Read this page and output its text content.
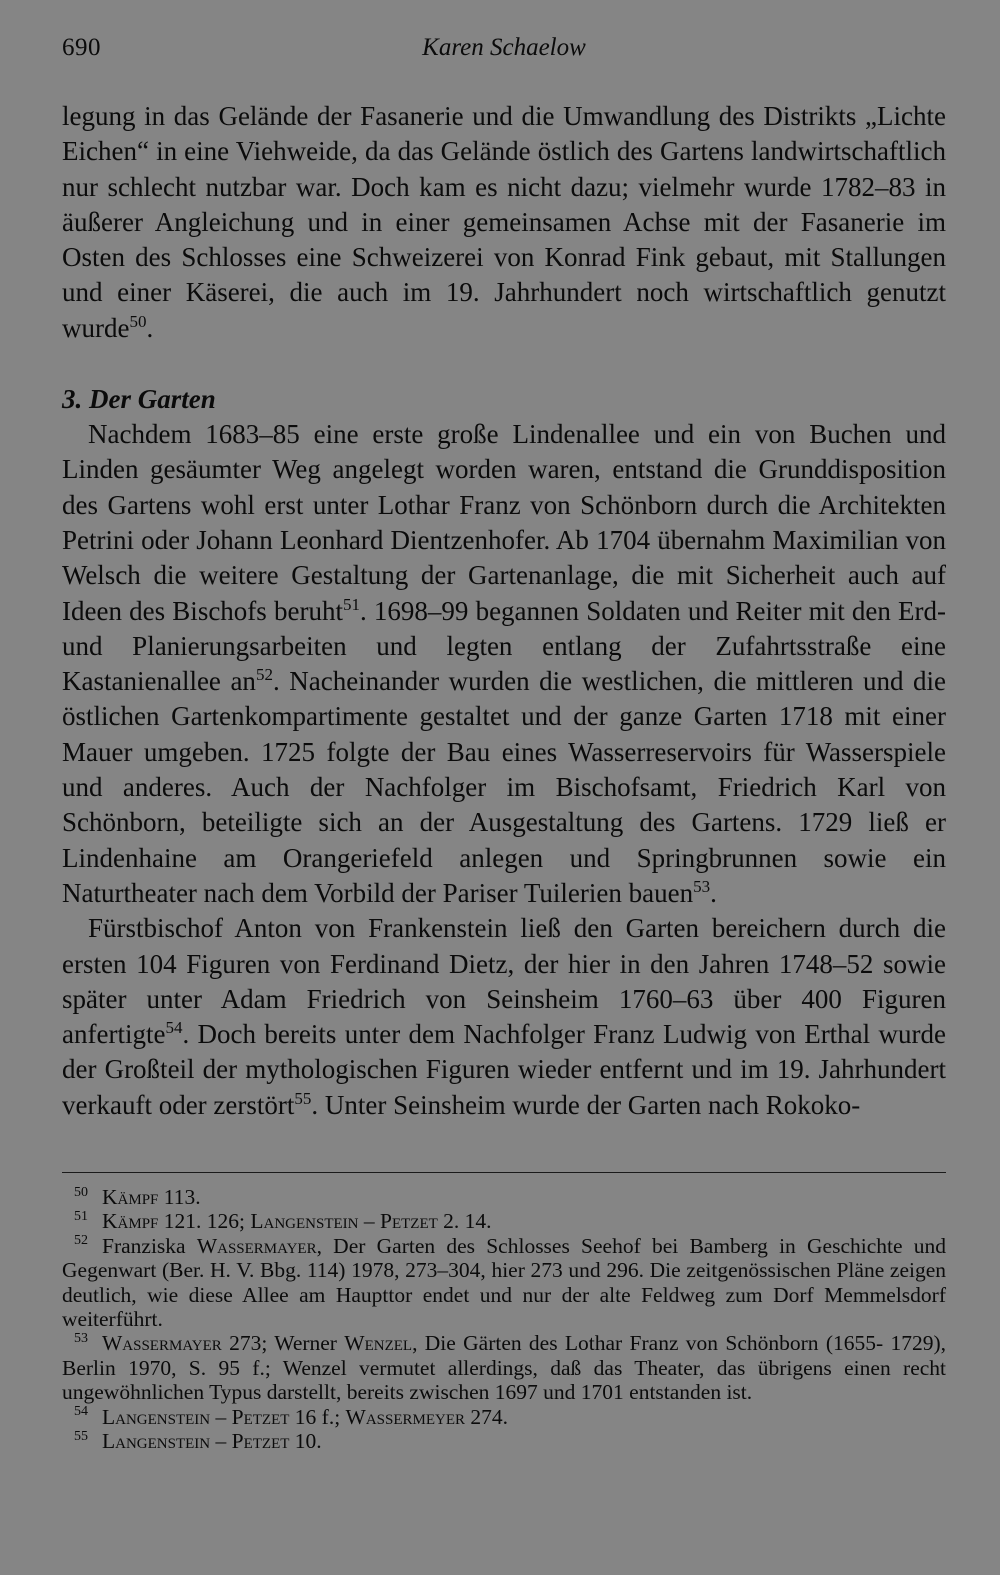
690	Karen Schaelow

legung in das Gelände der Fasanerie und die Umwandlung des Distrikts „Lichte Eichen“ in eine Viehweide, da das Gelände östlich des Gartens landwirtschaftlich nur schlecht nutzbar war. Doch kam es nicht dazu; vielmehr wurde 1782–83 in äußerer Angleichung und in einer gemeinsamen Achse mit der Fasanerie im Osten des Schlosses eine Schweizerei von Konrad Fink gebaut, mit Stallungen und einer Käserei, die auch im 19. Jahrhundert noch wirtschaftlich genutzt wurde$^{50}$.

3. Der Garten

Nachdem 1683–85 eine erste große Lindenallee und ein von Buchen und Linden gesäumter Weg angelegt worden waren, entstand die Grunddisposition des Gartens wohl erst unter Lothar Franz von Schönborn durch die Architekten Petrini oder Johann Leonhard Dientzenhofer. Ab 1704 übernahm Maximilian von Welsch die weitere Gestaltung der Gartenanlage, die mit Sicherheit auch auf Ideen des Bischofs beruht$^{51}$. 1698–99 begannen Soldaten und Reiter mit den Erd- und Planierungsarbeiten und legten entlang der Zufahrtsstraße eine Kastanienallee $an^{52}$. Nacheinander wurden die westlichen, die mittleren und die östlichen Gartenkompartimente gestaltet und der ganze Garten 1718 mit einer Mauer umgeben. 1725 folgte der Bau eines Wasserreservoirs für Wasserspiele und anderes. Auch der Nachfolger im Bischofsamt, Friedrich Karl von Schönborn, beteiligte sich an der Ausgestaltung des Gartens. 1729 ließ er Lindenhaine am Orangeriefeld anlegen und Springbrunnen sowie ein Naturtheater nach dem Vorbild der Pariser Tuilerien bauen$^{53}$.

Fürstbischof Anton von Frankenstein ließ den Garten bereichern durch die ersten 104 Figuren von Ferdinand Dietz, der hier in den Jahren 1748–52 sowie später unter Adam Friedrich von Seinsheim 1760–63 über 400 Figuren anfertigte$^{54}$. Doch bereits unter dem Nachfolger Franz Ludwig von Erthal wurde der Großteil der mythologischen Figuren wieder entfernt und im 19. Jahrhundert verkauft oder zerstört$^{55}$. Unter Seinsheim wurde der Garten nach Rokoko-

50 Kämpf 113.

51 Kämpf 121. 126; Langenstein – Petzet 2. 14.

52 Franziska Wassermayer, Der Garten des Schlosses Seehof bei Bamberg in Geschichte und Gegenwart (Ber. H. V. Bbg. 114) 1978, 273–304, hier 273 und 296. Die zeitgenössischen Pläne zeigen deutlich, wie diese Allee am Haupttor endet und nur der alte Feldweg zum Dorf Memmelsdorf weiterführt.

53 Wassermayer 273; Werner Wenzel, Die Gärten des Lothar Franz von Schönborn (1655- 1729), Berlin 1970, S. 95 f.; Wenzel vermutet allerdings, daß das Theater, das übrigens einen recht ungewöhnlichen Typus darstellt, bereits zwischen 1697 und 1701 entstanden ist.

54 Langenstein – Petzet 16 f.; Wassermeyer 274.

55 Langenstein – Petzet 10.
